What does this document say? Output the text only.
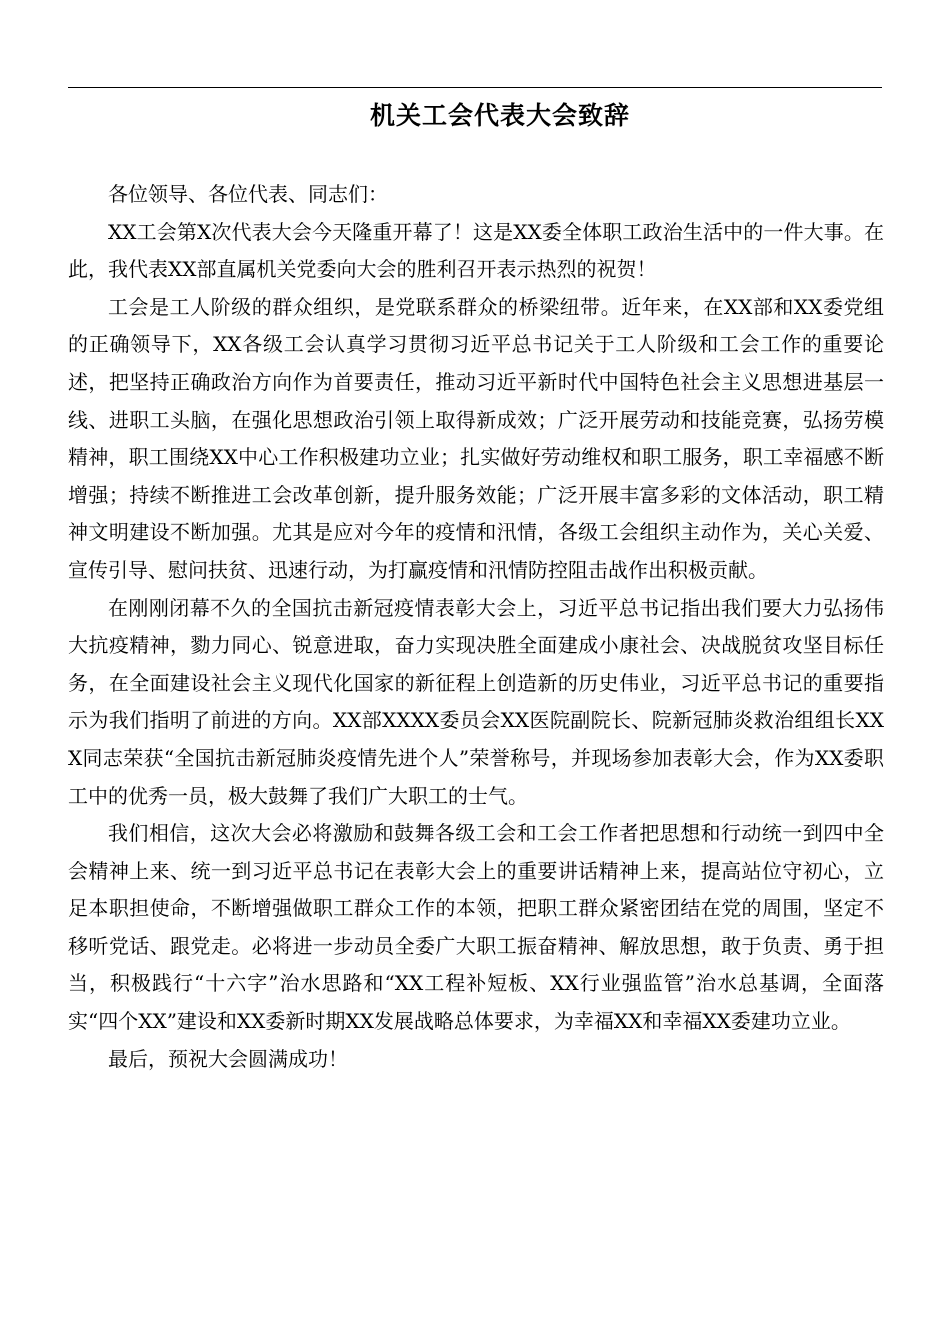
机关工会代表大会致辞

各位领导、各位代表、同志们：

XX工会第X次代表大会今天隆重开幕了！这是XX委全体职工政治生活中的一件大事。在此，我代表XX部直属机关党委向大会的胜利召开表示热烈的祝贺！

工会是工人阶级的群众组织，是党联系群众的桥梁纽带。近年来，在XX部和XX委党组的正确领导下，XX各级工会认真学习贯彻习近平总书记关于工人阶级和工会工作的重要论述，把坚持正确政治方向作为首要责任，推动习近平新时代中国特色社会主义思想进基层一线、进职工头脑，在强化思想政治引领上取得新成效；广泛开展劳动和技能竞赛，弘扬劳模精神，职工围绕XX中心工作积极建功立业；扎实做好劳动维权和职工服务，职工幸福感不断增强；持续不断推进工会改革创新，提升服务效能；广泛开展丰富多彩的文体活动，职工精神文明建设不断加强。尤其是应对今年的疫情和汛情，各级工会组织主动作为，关心关爱、宣传引导、慰问扶贫、迅速行动，为打赢疫情和汛情防控阻击战作出积极贡献。

在刚刚闭幕不久的全国抗击新冠疫情表彰大会上，习近平总书记指出我们要大力弘扬伟大抗疫精神，勠力同心、锐意进取，奋力实现决胜全面建成小康社会、决战脱贫攻坚目标任务，在全面建设社会主义现代化国家的新征程上创造新的历史伟业，习近平总书记的重要指示为我们指明了前进的方向。XX部XXXX委员会XX医院副院长、院新冠肺炎救治组组长XXX同志荣获“全国抗击新冠肺炎疫情先进个人”荣誉称号，并现场参加表彰大会，作为XX委职工中的优秀一员，极大鼓舞了我们广大职工的士气。

我们相信，这次大会必将激励和鼓舞各级工会和工会工作者把思想和行动统一到四中全会精神上来、统一到习近平总书记在表彰大会上的重要讲话精神上来，提高站位守初心，立足本职担使命，不断增强做职工群众工作的本领，把职工群众紧密团结在党的周围，坚定不移听党话、跟党走。必将进一步动员全委广大职工振奋精神、解放思想，敢于负责、勇于担当，积极践行“十六字”治水思路和“XX工程补短板、XX行业强监管”治水总基调，全面落实“四个XX”建设和XX委新时期XX发展战略总体要求，为幸福XX和幸福XX委建功立业。

最后，预祝大会圆满成功！
